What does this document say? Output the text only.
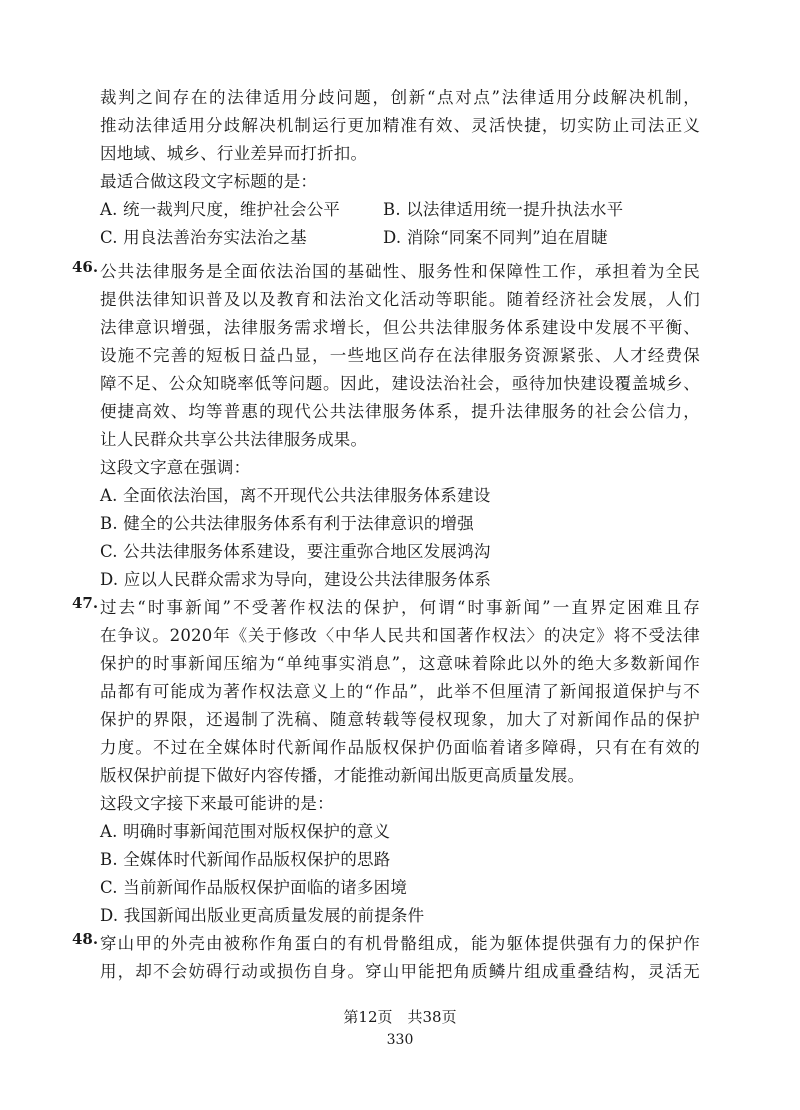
裁判之间存在的法律适用分歧问题，创新“点对点”法律适用分歧解决机制，
推动法律适用分歧解决机制运行更加精准有效、灵活快捷，切实防止司法正义
因地域、城乡、行业差异而打折扣。
最适合做这段文字标题的是：
A. 统一裁判尺度，维护社会公平	B. 以法律适用统一提升执法水平
C. 用良法善治夯实法治之基	D. 消除“同案不同判”迫在眉睫
46. 公共法律服务是全面依法治国的基础性、服务性和保障性工作，承担着为全民
提供法律知识普及以及教育和法治文化活动等职能。随着经济社会发展，人们
法律意识增强，法律服务需求增长，但公共法律服务体系建设中发展不平衡、
设施不完善的短板日益凸显，一些地区尚存在法律服务资源紧张、人才经费保
障不足、公众知晓率低等问题。因此，建设法治社会，亟待加快建设覆盖城乡、
便捷高效、均等普惠的现代公共法律服务体系，提升法律服务的社会公信力，
让人民群众共享公共法律服务成果。
这段文字意在强调：
A. 全面依法治国，离不开现代公共法律服务体系建设
B. 健全的公共法律服务体系有利于法律意识的增强
C. 公共法律服务体系建设，要注重弥合地区发展鸿沟
D. 应以人民群众需求为导向，建设公共法律服务体系
47. 过去“时事新闻”不受著作权法的保护，何谓“时事新闻”一直界定困难且存
在争议。2020年《关于修改〈中华人民共和国著作权法〉的决定》将不受法律
保护的时事新闻压缩为“单纯事实消息”，这意味着除此以外的绝大多数新闻作
品都有可能成为著作权法意义上的“作品”，此举不但厘清了新闻报道保护与不
保护的界限，还遏制了洗稿、随意转载等侵权现象，加大了对新闻作品的保护
力度。不过在全媒体时代新闻作品版权保护仍面临着诸多障碍，只有在有效的
版权保护前提下做好内容传播，才能推动新闻出版更高质量发展。
这段文字接下来最可能讲的是：
A. 明确时事新闻范围对版权保护的意义
B. 全媒体时代新闻作品版权保护的思路
C. 当前新闻作品版权保护面临的诸多困境
D. 我国新闻出版业更高质量发展的前提条件
48. 穿山甲的外壳由被称作角蛋白的有机骨骼组成，能为躯体提供强有力的保护作
用，却不会妨碍行动或损伤自身。穿山甲能把角质鳞片组成重叠结构，灵活无
第12页　共38页
330
